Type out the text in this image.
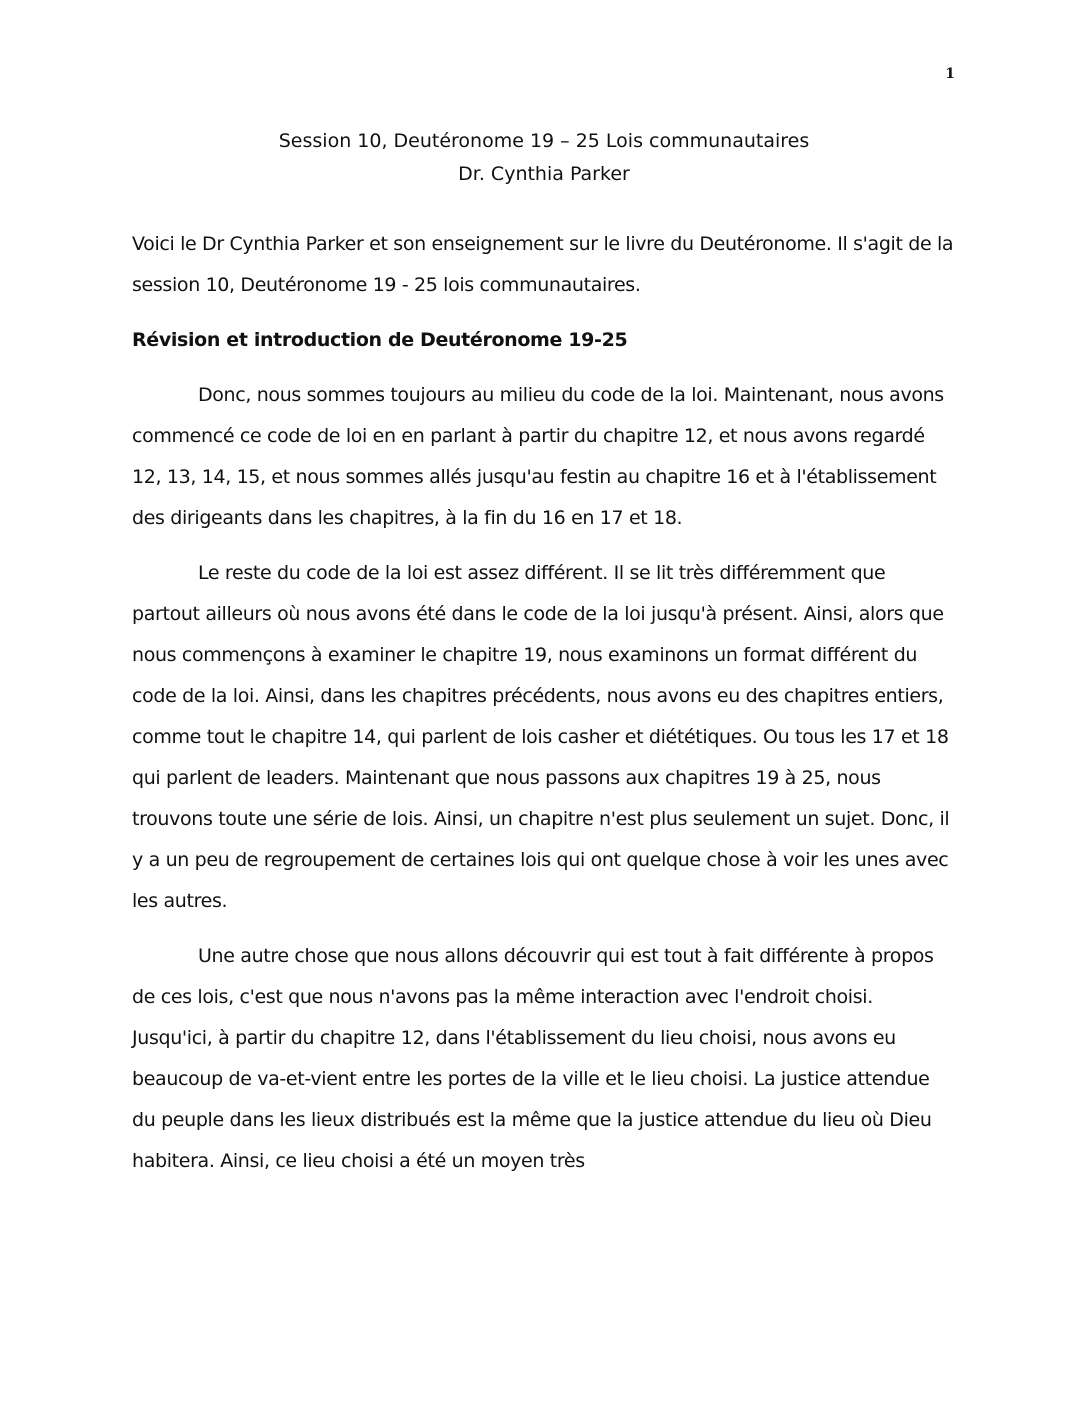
1
Session 10, Deutéronome 19 – 25 Lois communautaires
Dr. Cynthia Parker

Voici le Dr Cynthia Parker et son enseignement sur le livre du Deutéronome. Il s'agit de la session 10, Deutéronome 19 - 25 lois communautaires.

Révision et introduction de Deutéronome 19-25

Donc, nous sommes toujours au milieu du code de la loi. Maintenant, nous avons commencé ce code de loi en en parlant à partir du chapitre 12, et nous avons regardé 12, 13, 14, 15, et nous sommes allés jusqu'au festin au chapitre 16 et à l'établissement des dirigeants dans les chapitres, à la fin du 16 en 17 et 18.

Le reste du code de la loi est assez différent. Il se lit très différemment que partout ailleurs où nous avons été dans le code de la loi jusqu'à présent. Ainsi, alors que nous commençons à examiner le chapitre 19, nous examinons un format différent du code de la loi. Ainsi, dans les chapitres précédents, nous avons eu des chapitres entiers, comme tout le chapitre 14, qui parlent de lois casher et diététiques. Ou tous les 17 et 18 qui parlent de leaders. Maintenant que nous passons aux chapitres 19 à 25, nous trouvons toute une série de lois. Ainsi, un chapitre n'est plus seulement un sujet. Donc, il y a un peu de regroupement de certaines lois qui ont quelque chose à voir les unes avec les autres.

Une autre chose que nous allons découvrir qui est tout à fait différente à propos de ces lois, c'est que nous n'avons pas la même interaction avec l'endroit choisi. Jusqu'ici, à partir du chapitre 12, dans l'établissement du lieu choisi, nous avons eu beaucoup de va-et-vient entre les portes de la ville et le lieu choisi. La justice attendue du peuple dans les lieux distribués est la même que la justice attendue du lieu où Dieu habitera. Ainsi, ce lieu choisi a été un moyen très
